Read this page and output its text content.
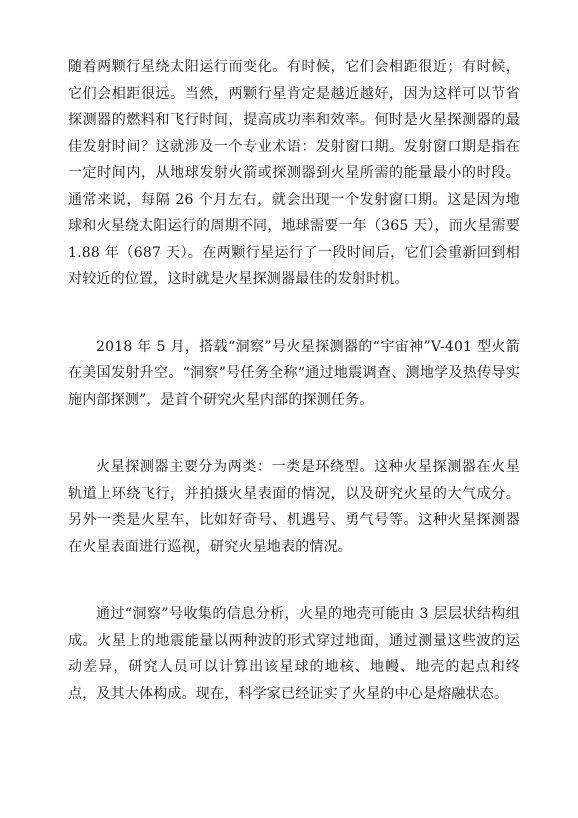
随着两颗行星绕太阳运行而变化。有时候，它们会相距很近；有时候，它们会相距很远。当然，两颗行星肯定是越近越好，因为这样可以节省探测器的燃料和飞行时间，提高成功率和效率。何时是火星探测器的最佳发射时间？这就涉及一个专业术语：发射窗口期。发射窗口期是指在一定时间内，从地球发射火箭或探测器到火星所需的能量最小的时段。通常来说，每隔 26 个月左右，就会出现一个发射窗口期。这是因为地球和火星绕太阳运行的周期不同，地球需要一年（365 天），而火星需要 1.88 年（687 天）。在两颗行星运行了一段时间后，它们会重新回到相对较近的位置，这时就是火星探测器最佳的发射时机。

2018 年 5 月，搭载“洞察”号火星探测器的“宇宙神”V-401 型火箭在美国发射升空。“洞察”号任务全称“通过地震调查、测地学及热传导实施内部探测”，是首个研究火星内部的探测任务。

火星探测器主要分为两类：一类是环绕型。这种火星探测器在火星轨道上环绕飞行，并拍摄火星表面的情况，以及研究火星的大气成分。另外一类是火星车，比如好奇号、机遇号、勇气号等。这种火星探测器在火星表面进行巡视，研究火星地表的情况。

通过“洞察”号收集的信息分析，火星的地壳可能由 3 层层状结构组成。火星上的地震能量以两种波的形式穿过地面，通过测量这些波的运动差异，研究人员可以计算出该星球的地核、地幔、地壳的起点和终点，及其大体构成。现在，科学家已经证实了火星的中心是熔融状态。
